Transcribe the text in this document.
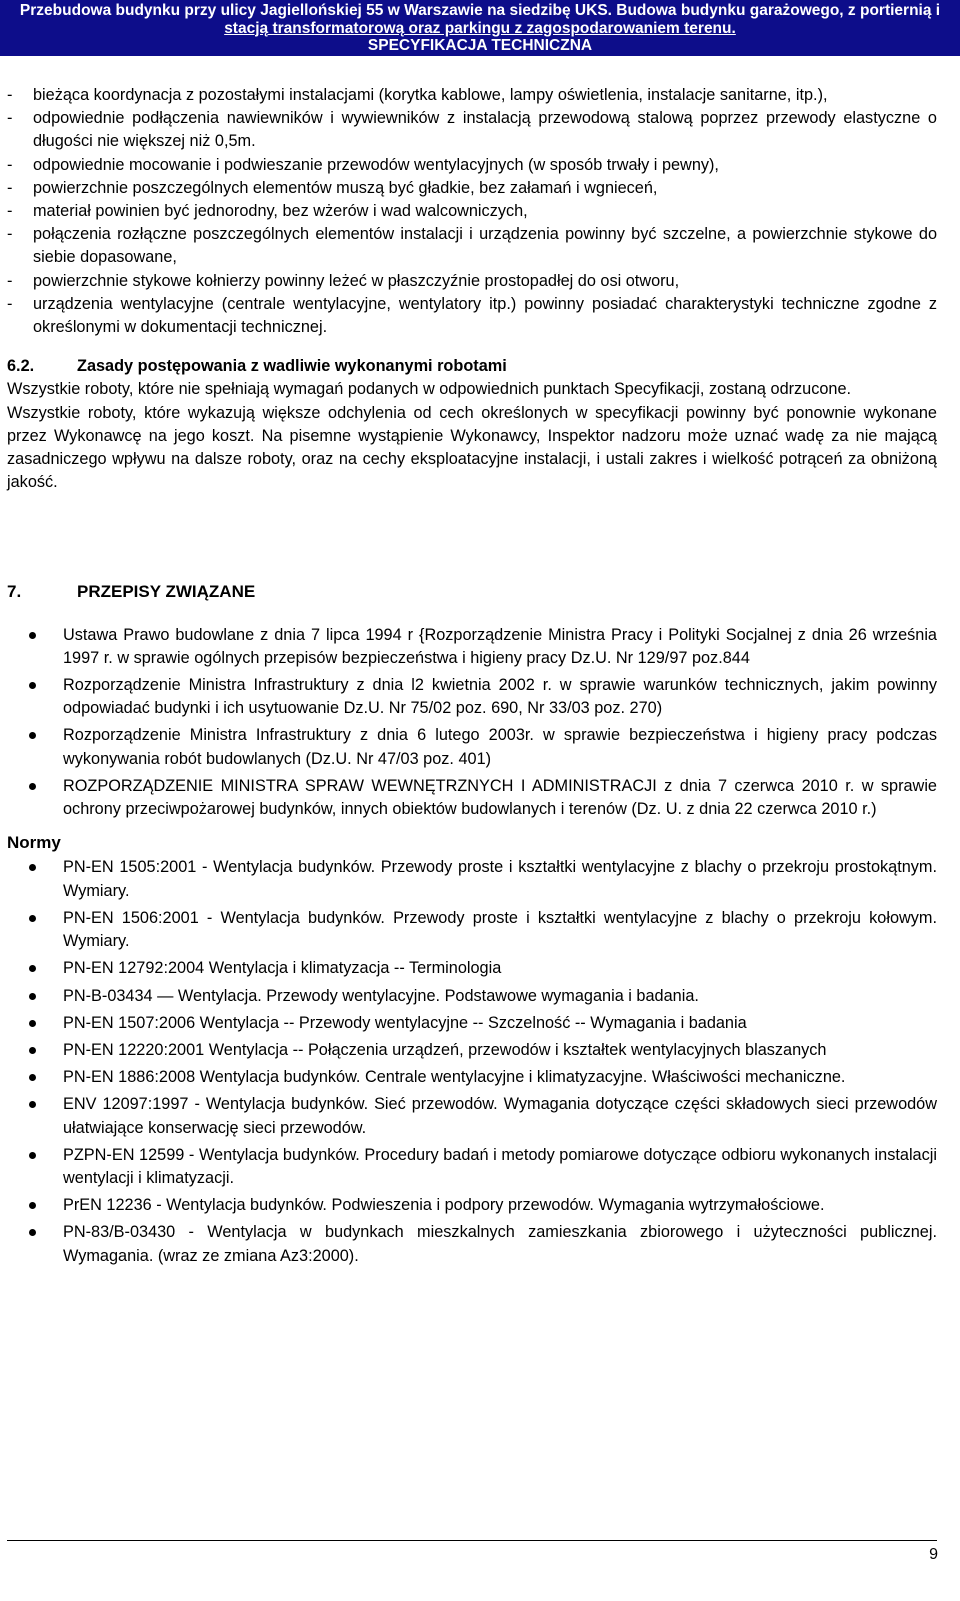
Przebudowa budynku przy ulicy Jagiellońskiej 55 w Warszawie na siedzibę UKS. Budowa budynku garażowego, z portiernią i
stacją transformatorową oraz parkingu z zagospodarowaniem terenu.
SPECYFIKACJA TECHNICZNA
- bieżąca koordynacja z pozostałymi instalacjami (korytka kablowe, lampy oświetlenia, instalacje sanitarne, itp.),
- odpowiednie podłączenia nawiewników i wywiewników z instalacją przewodową stalową poprzez przewody elastyczne o długości nie większej niż 0,5m.
- odpowiednie mocowanie i podwieszanie przewodów wentylacyjnych (w sposób trwały i pewny),
- powierzchnie poszczególnych elementów muszą być gładkie, bez załamań i wgnieceń,
- materiał powinien być jednorodny, bez wżerów i wad walcowniczych,
- połączenia rozłączne poszczególnych elementów instalacji i urządzenia powinny być szczelne, a powierzchnie stykowe do siebie dopasowane,
- powierzchnie stykowe kołnierzy powinny leżeć w płaszczyźnie prostopadłej do osi otworu,
- urządzenia wentylacyjne (centrale wentylacyjne, wentylatory itp.) powinny posiadać charakterystyki techniczne zgodne z określonymi w dokumentacji technicznej.
6.2.	Zasady postępowania z wadliwie wykonanymi robotami
Wszystkie roboty, które nie spełniają wymagań podanych w odpowiednich punktach Specyfikacji, zostaną odrzucone.
Wszystkie roboty, które wykazują większe odchylenia od cech określonych w specyfikacji powinny być ponownie wykonane przez Wykonawcę na jego koszt. Na pisemne wystąpienie Wykonawcy, Inspektor nadzoru może uznać wadę za nie mającą zasadniczego wpływu na dalsze roboty, oraz na cechy eksploatacyjne instalacji, i ustali zakres i wielkość potrąceń za obniżoną jakość.
7.	PRZEPISY ZWIĄZANE
Ustawa Prawo budowlane z dnia 7 lipca 1994 r {Rozporządzenie Ministra Pracy i Polityki Socjalnej z dnia 26 września 1997 r. w sprawie ogólnych przepisów bezpieczeństwa i higieny pracy Dz.U. Nr 129/97 poz.844
Rozporządzenie Ministra Infrastruktury z dnia l2 kwietnia 2002 r. w sprawie warunków technicznych, jakim powinny odpowiadać budynki i ich usytuowanie Dz.U. Nr 75/02 poz. 690, Nr 33/03 poz. 270)
Rozporządzenie Ministra Infrastruktury z dnia 6 lutego 2003r. w sprawie bezpieczeństwa i higieny pracy podczas wykonywania robót budowlanych (Dz.U. Nr 47/03 poz. 401)
ROZPORZĄDZENIE MINISTRA SPRAW WEWNĘTRZNYCH I ADMINISTRACJI z dnia 7 czerwca 2010 r. w sprawie ochrony przeciwpożarowej budynków, innych obiektów budowlanych i terenów (Dz. U. z dnia 22 czerwca 2010 r.)
Normy
PN-EN 1505:2001 - Wentylacja budynków. Przewody proste i kształtki wentylacyjne z blachy o przekroju prostokątnym. Wymiary.
PN-EN 1506:2001 - Wentylacja budynków. Przewody proste i kształtki wentylacyjne z blachy o przekroju kołowym. Wymiary.
PN-EN 12792:2004 Wentylacja i klimatyzacja -- Terminologia
PN-B-03434 — Wentylacja. Przewody wentylacyjne. Podstawowe wymagania i badania.
PN-EN 1507:2006 Wentylacja -- Przewody wentylacyjne -- Szczelność -- Wymagania i badania
PN-EN 12220:2001 Wentylacja -- Połączenia urządzeń, przewodów i kształtek wentylacyjnych blaszanych
PN-EN 1886:2008 Wentylacja budynków. Centrale wentylacyjne i klimatyzacyjne. Właściwości mechaniczne.
ENV 12097:1997 - Wentylacja budynków. Sieć przewodów. Wymagania dotyczące części składowych sieci przewodów ułatwiające konserwację sieci przewodów.
PZPN-EN 12599 - Wentylacja budynków. Procedury badań i metody pomiarowe dotyczące odbioru wykonanych instalacji wentylacji i klimatyzacji.
PrEN 12236 - Wentylacja budynków. Podwieszenia i podpory przewodów. Wymagania wytrzymałościowe.
PN-83/B-03430 - Wentylacja w budynkach mieszkalnych zamieszkania zbiorowego i użyteczności publicznej. Wymagania. (wraz ze zmiana Az3:2000).
9
